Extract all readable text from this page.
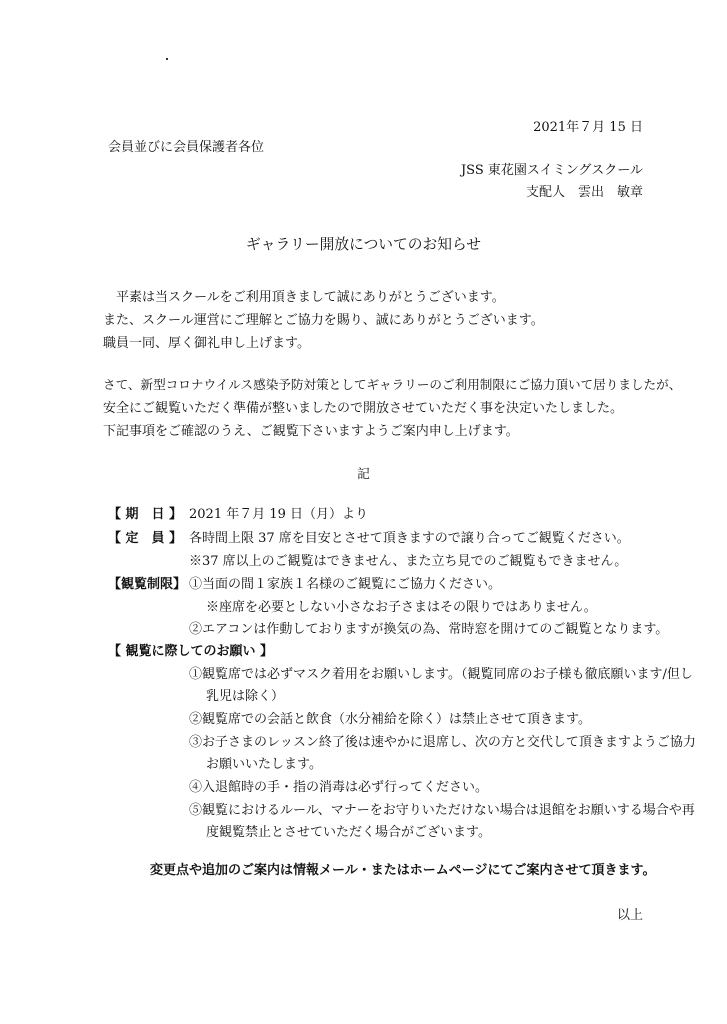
2021年７月 15 日
会員並びに会員保護者各位
JSS 東花園スイミングスクール
支配人　雲出　敏章
ギャラリー開放についてのお知らせ
　平素は当スクールをご利用頂きまして誠にありがとうございます。
また、スクール運営にご理解とご協力を賜り、誠にありがとうございます。
職員一同、厚く御礼申し上げます。
さて、新型コロナウイルス感染予防対策としてギャラリーのご利用制限にご協力頂いて居りましたが、
安全にご観覧いただく準備が整いましたので開放させていただく事を決定いたしました。
下記事項をご確認のうえ、ご観覧下さいますようご案内申し上げます。
記
【 期　日 】 2021 年７月 19 日（月）より
【 定　員 】 各時間上限 37 席を目安とさせて頂きますので譲り合ってご観覧ください。
※37 席以上のご観覧はできません、また立ち見でのご観覧もできません。
【観覧制限】 ①当面の間１家族１名様のご観覧にご協力ください。
※座席を必要としない小さなお子さまはその限りではありません。
②エアコンは作動しておりますが換気の為、常時窓を開けてのご観覧となります。
【 観覧に際してのお願い 】
①観覧席では必ずマスク着用をお願いします。（観覧同席のお子様も徹底願います/但し
乳児は除く）
②観覧席での会話と飲食（水分補給を除く）は禁止させて頂きます。
③お子さまのレッスン終了後は速やかに退席し、次の方と交代して頂きますようご協力
お願いいたします。
④入退館時の手・指の消毒は必ず行ってください。
⑤観覧におけるルール、マナーをお守りいただけない場合は退館をお願いする場合や再
度観覧禁止とさせていただく場合がございます。
変更点や追加のご案内は情報メール・またはホームページにてご案内させて頂きます。
以上
